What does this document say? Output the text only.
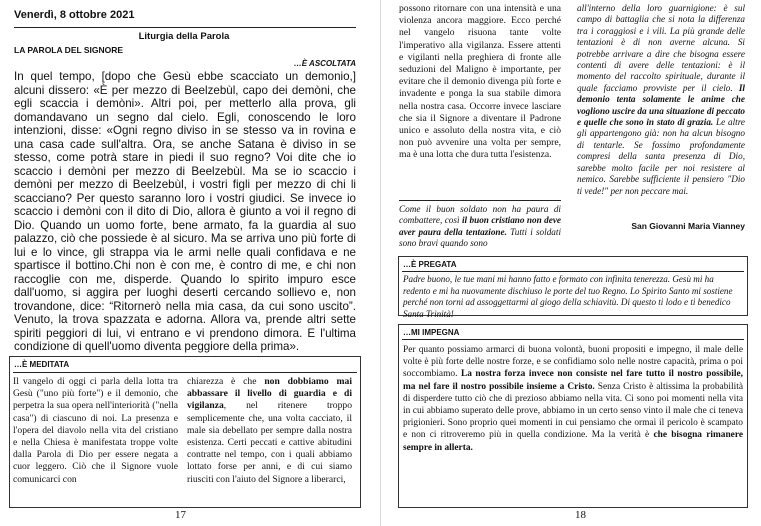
Venerdì, 8 ottobre 2021
Liturgia della Parola
LA PAROLA DEL SIGNORE
…È ASCOLTATA
In quel tempo, [dopo che Gesù ebbe scacciato un demonio,] alcuni dissero: «È per mezzo di Beelzebùl, capo dei demòni, che egli scaccia i demòni». Altri poi, per metterlo alla prova, gli domandavano un segno dal cielo. Egli, conoscendo le loro intenzioni, disse: «Ogni regno diviso in se stesso va in rovina e una casa cade sull'altra. Ora, se anche Satana è diviso in se stesso, come potrà stare in piedi il suo regno? Voi dite che io scaccio i demòni per mezzo di Beelzebùl. Ma se io scaccio i demòni per mezzo di Beelzebùl, i vostri figli per mezzo di chi li scacciano? Per questo saranno loro i vostri giudici. Se invece io scaccio i demòni con il dito di Dio, allora è giunto a voi il regno di Dio. Quando un uomo forte, bene armato, fa la guardia al suo palazzo, ciò che possiede è al sicuro. Ma se arriva uno più forte di lui e lo vince, gli strappa via le armi nelle quali confidava e ne spartisce il bottino.Chi non è con me, è contro di me, e chi non raccoglie con me, disperde. Quando lo spirito impuro esce dall'uomo, si aggira per luoghi deserti cercando sollievo e, non trovandone, dice: “Ritornerò nella mia casa, da cui sono uscito”. Venuto, la trova spazzata e adorna. Allora va, prende altri sette spiriti peggiori di lui, vi entrano e vi prendono dimora. E l'ultima condizione di quell'uomo diventa peggiore della prima».
…È MEDITATA
Il vangelo di oggi ci parla della lotta tra Gesù ("uno più forte") e il demonio, che perpetra la sua opera nell'interiorità ("nella casa") di ciascuno di noi. La presenza e l'opera del diavolo nella vita del cristiano e nella Chiesa è manifestata troppe volte dalla Parola di Dio per essere negata a cuor leggero. Ciò che il Signore vuole comunicarci con
chiarezza è che non dobbiamo mai abbassare il livello di guardia e di vigilanza, nel ritenere troppo semplicemente che, una volta cacciato, il male sia debellato per sempre dalla nostra esistenza. Certi peccati e cattive abitudini contratte nel tempo, con i quali abbiamo lottato forse per anni, e di cui siamo riusciti con l'aiuto del Signore a liberarci,
17
possono ritornare con una intensità e una violenza ancora maggiore. Ecco perché nel vangelo risuona tante volte l'imperativo alla vigilanza. Essere attenti e vigilanti nella preghiera di fronte alle seduzioni del Maligno è importante, per evitare che il demonio divenga più forte e invadente e ponga la sua stabile dimora nella nostra casa. Occorre invece lasciare che sia il Signore a diventare il Padrone unico e assoluto della nostra vita, e ciò non può avvenire una volta per sempre, ma è una lotta che dura tutta l'esistenza.
Come il buon soldato non ha paura di combattere, così il buon cristiano non deve aver paura della tentazione. Tutti i soldati sono bravi quando sono
all'interno della loro guarnigione: è sul campo di battaglia che si nota la differenza tra i coraggiosi e i vili. La più grande delle tentazioni è di non averne alcuna. Si potrebbe arrivare a dire che bisogna essere contenti di avere delle tentazioni: è il momento del raccolto spirituale, durante il quale facciamo provviste per il cielo. Il demonio tenta solamente le anime che vogliono uscire da una situazione di peccato e quelle che sono in stato di grazia. Le altre gli appartengono già: non ha alcun bisogno di tentarle. Se fossimo profondamente compresi della santa presenza di Dio, sarebbe molto facile per noi resistere al nemico. Sarebbe sufficiente il pensiero "Dio ti vede!" per non peccare mai.
San Giovanni Maria Vianney
…È PREGATA
Padre buono, le tue mani mi hanno fatto e formato con infinita tenerezza. Gesù mi ha redento e mi ha nuovamente dischiuso le porte del tuo Regno. Lo Spirito Santo mi sostiene perché non torni ad assoggettarmi al giogo della schiavitù. Di questo ti lodo e ti benedico Santa Trinità!
…MI IMPEGNA
Per quanto possiamo armarci di buona volontà, buoni propositi e impegno, il male delle volte è più forte delle nostre forze, e se confidiamo solo nelle nostre capacità, prima o poi soccombiamo. La nostra forza invece non consiste nel fare tutto il nostro possibile, ma nel fare il nostro possibile insieme a Cristo. Senza Cristo è altissima la probabilità di disperdere tutto ciò che di prezioso abbiamo nella vita. Ci sono poi momenti nella vita in cui abbiamo superato delle prove, abbiamo in un certo senso vinto il male che ci teneva prigionieri. Sono proprio quei momenti in cui pensiamo che ormai il pericolo è scampato e non ci ritroveremo più in quella condizione. Ma la verità è che bisogna rimanere sempre in allerta.
18
